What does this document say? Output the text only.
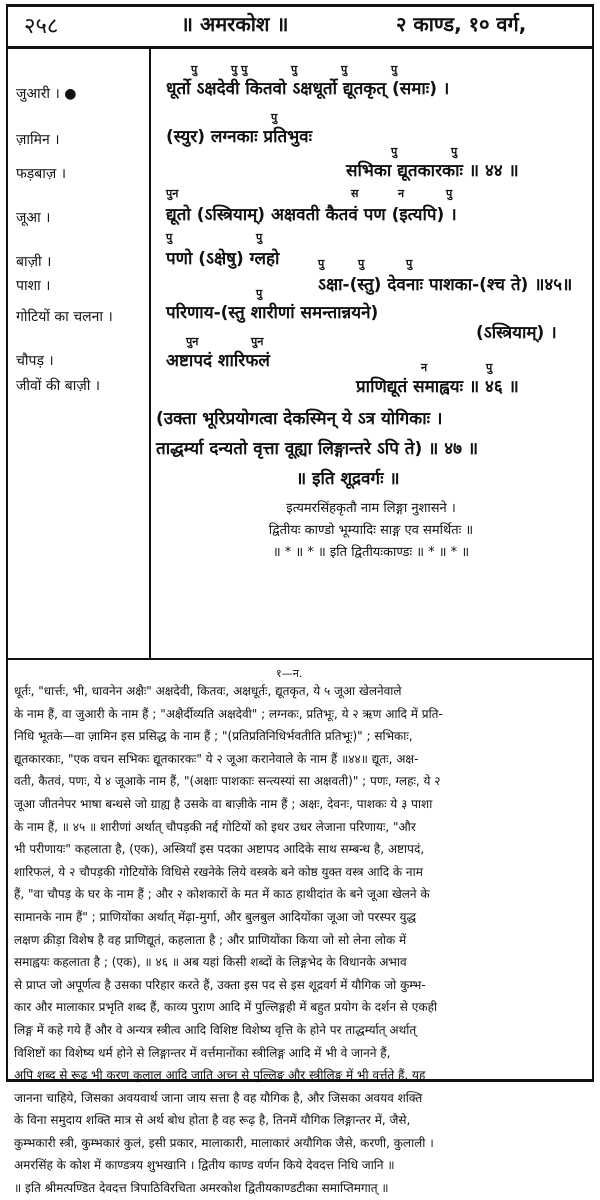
२५८	॥ अमरकोश ॥	२ काण्ड, १० वर्ग,
जुआरी । ●
ज़ामिन ।
फड़बाज़ ।
जूआ ।
बाज़ी ।
पाशा ।
गोटियों का चलना ।
चौपड़ ।
जीवों की बाज़ी ।
धूर्तो ऽक्षदेवी कितवो ऽक्षधूर्तो द्यूतकृत् (समाः) ।
(स्युर) लग्नकाः प्रतिभुवः
सभिका द्यूतकारकाः ॥ ४४ ॥
द्यूतो (ऽस्त्रियाम्) अक्षवती कैतवं पण (इत्यपि) ।
पणो (ऽक्षेषु) ग्लहो
ऽक्षा-(स्तु) देवनाः पाशका-(श्च ते) ॥४५॥
परिणाय-(स्तु शारीणां समन्तान्नयने)
(ऽस्त्रियाम्) ।
अष्टापदं शारिफलं
प्राणिद्यूतं समाह्वयः ॥ ४६ ॥
(उक्ता भूरिप्रयोगत्वा देकस्मिन् ये ऽत्र योगिकाः ।
ताद्धर्म्या दन्यतो वृत्ता वूह्या लिङ्गान्तरे ऽपि ते) ॥ ४७ ॥
॥ इति शूद्रवर्गः ॥
पु	पु पु	पु	पु	पु
पु
पु	पु
पुन	स	न	पु
पु	पु
पु	पु	पु
पु
पुन	पुन
न	पु
इत्यमरसिंहकृतौ नाम लिङ्गा नुशासने ।
द्वितीयः काण्डो भूम्यादिः साङ्ग एव समर्थितः ॥
॥ * ॥ * ॥ इति द्वितीयःकाण्डः ॥ * ॥ * ॥
१—न.
धूर्तः, "धार्त्तः, भी, धावनेन अक्षैः" अक्षदेवी, कितवः, अक्षधूर्तः, द्यूतकृत, ये ५ जूआ खेलनेवाले
के नाम हैं, वा जुआरी के नाम हैं ; "अक्षैर्दीव्यति अक्षदेवी" ; लग्नकः, प्रतिभूः, ये २ ऋण आदि में प्रति-
निधि भूतके—वा ज़ामिन इस प्रसिद्ध के नाम हैं ; "(प्रतिप्रतिनिधिर्भवतीति प्रतिभूः)" ; सभिकाः,
द्यूतकारकाः, "एक वचन सभिकः द्यूतकारकः" ये २ जूआ करानेवाले के नाम हैं ॥४४॥ द्यूतः, अक्ष-
वती, कैतवं, पणः, ये ४ जूआके नाम हैं, "(अक्षाः पाशकाः सन्त्यस्यां सा अक्षवती)" ; पणः, ग्लहः, ये २
जूआ जीतनेपर भाषा बन्धसे जो ग्राह्य है उसके वा बाज़ीके नाम हैं ; अक्षः, देवनः, पाशकः ये ३ पाशा
के नाम हैं, ॥ ४५ ॥ शारीणां अर्थात् चौपड़की नर्द्द गोटियों को इधर उधर लेजाना परिणायः, "और
भी परीणायः" कहलाता है, (एक), अस्त्रियाँ इस पदका अष्टापद आदिके साथ सम्बन्ध है, अष्टापदं,
शारिफलं, ये २ चौपड़की गोटियोंके विधिसे रखनेके लिये वस्त्रके बने कोष्ठ युक्त वस्त्र आदि के नाम
हैं, "वा चौपड़ के घर के नाम हैं ; और २ कोशकारों के मत में काठ हाथीदांत के बने जूआ खेलने के
सामानके नाम हैं" ; प्राणियोंका अर्थात् मेंढ़ा-मुर्गा, और बुलबुल आदियोंका जूआ जो परस्पर युद्ध
लक्षण क्रीड़ा विशेष है वह प्राणिद्यूतं, कहलाता है ; और प्राणियोंका किया जो सो लेना लोक में
समाह्वयः कहलाता है ; (एक), ॥ ४६ ॥ अब यहां किसी शब्दों के लिङ्गभेद के विधानके अभाव
से प्राप्त जो अपूर्णत्व है उसका परिहार करते हैं, उक्ता इस पद से इस शूद्रवर्ग में यौगिक जो कुम्भ-
कार और मालाकार प्रभृति शब्द हैं, काव्य पुराण आदि में पुल्लिङ्गही में बहुत प्रयोग के दर्शन से एकही
लिङ्ग में कहे गये हैं और वे अन्यत्र स्त्रीत्व आदि विशिष्ट विशेष्य वृत्ति के होने पर ताद्धर्म्यात् अर्थात्
विशिष्टों का विशेष्य धर्म होने से लिङ्गान्तर में वर्त्तमानोंका स्त्रीलिङ्ग आदि में भी वे जानने हैं,
अपि शब्द से रूढ़ भी करण कुलाल आदि जाति अच्न से पुल्लिङ्ग और स्त्रीलिङ्ग में भी वर्त्तते हैं, यह
जानना चाहिये, जिसका अवयवार्थ जाना जाय सत्ता है वह यौगिक है, और जिसका अवयव शक्ति
के विना समुदाय शक्ति मात्र से अर्थ बोध होता है वह रूढ़ है, तिनमें यौगिक लिङ्गान्तर में, जैसे,
कुम्भकारी स्त्री, कुम्भकारं कुलं, इसी प्रकार, मालाकारी, मालाकारं अयौगिक जैसे, करणी, कुलाली ।
अमरसिंह के कोश में काण्डत्रय शुभखानि । द्वितीय काण्ड वर्णन किये देवदत्त निधि जानि ॥
॥ इति श्रीमत्पण्डित देवदत्त त्रिपाठिविरचिता अमरकोश द्वितीयकाण्डटीका समाप्तिमगात् ॥
